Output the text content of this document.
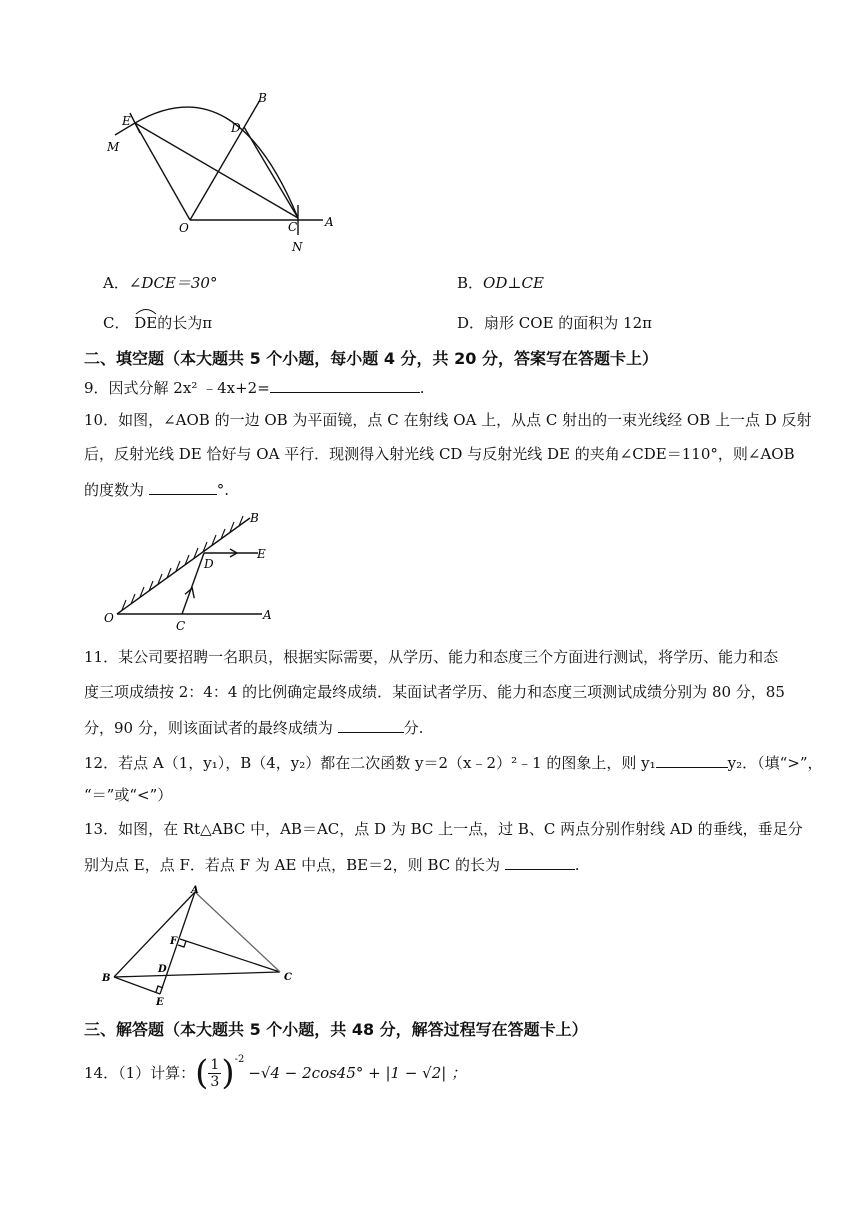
B
E	D
M
O	C A
N
A．∠DCE＝30°	B．OD⊥CE
C． DE的长为π	D．扇形 COE 的面积为 12π
二、填空题（本大题共 5 个小题，每小题 4 分，共 20 分，答案写在答题卡上）
9．因式分解 2x² ﹣4x+2=	.
10．如图，∠AOB 的一边 OB 为平面镜，点 C 在射线 OA 上，从点 C 射出的一束光线经 OB 上一点 D 反射
后，反射光线 DE 恰好与 OA 平行．现测得入射光线 CD 与反射光线 DE 的夹角∠CDE＝110°，则∠AOB
的度数为	°.
B
E
D
O
C
A
11．某公司要招聘一名职员，根据实际需要，从学历、能力和态度三个方面进行测试，将学历、能力和态
度三项成绩按 2：4：4 的比例确定最终成绩．某面试者学历、能力和态度三项测试成绩分别为 80 分，85
分，90 分，则该面试者的最终成绩为	分.
12．若点 A（1，y₁），B（4，y₂）都在二次函数 y＝2（x﹣2）²﹣1 的图象上，则 y₁	y₂．（填“>”，
“＝”或“<”）
13．如图，在 Rt△ABC 中，AB＝AC，点 D 为 BC 上一点，过 B、C 两点分别作射线 AD 的垂线，垂足分
别为点 E，点 F．若点 F 为 AE 中点，BE＝2，则 BC 的长为	.
A
F
B
D
C
E
三、解答题（本大题共 5 个小题，共 48 分，解答过程写在答题卡上）
14．（1）计算： ( $\frac{1}{3} )^{-2}$
−√4 − 2cos45° + |1 − √2| ；
